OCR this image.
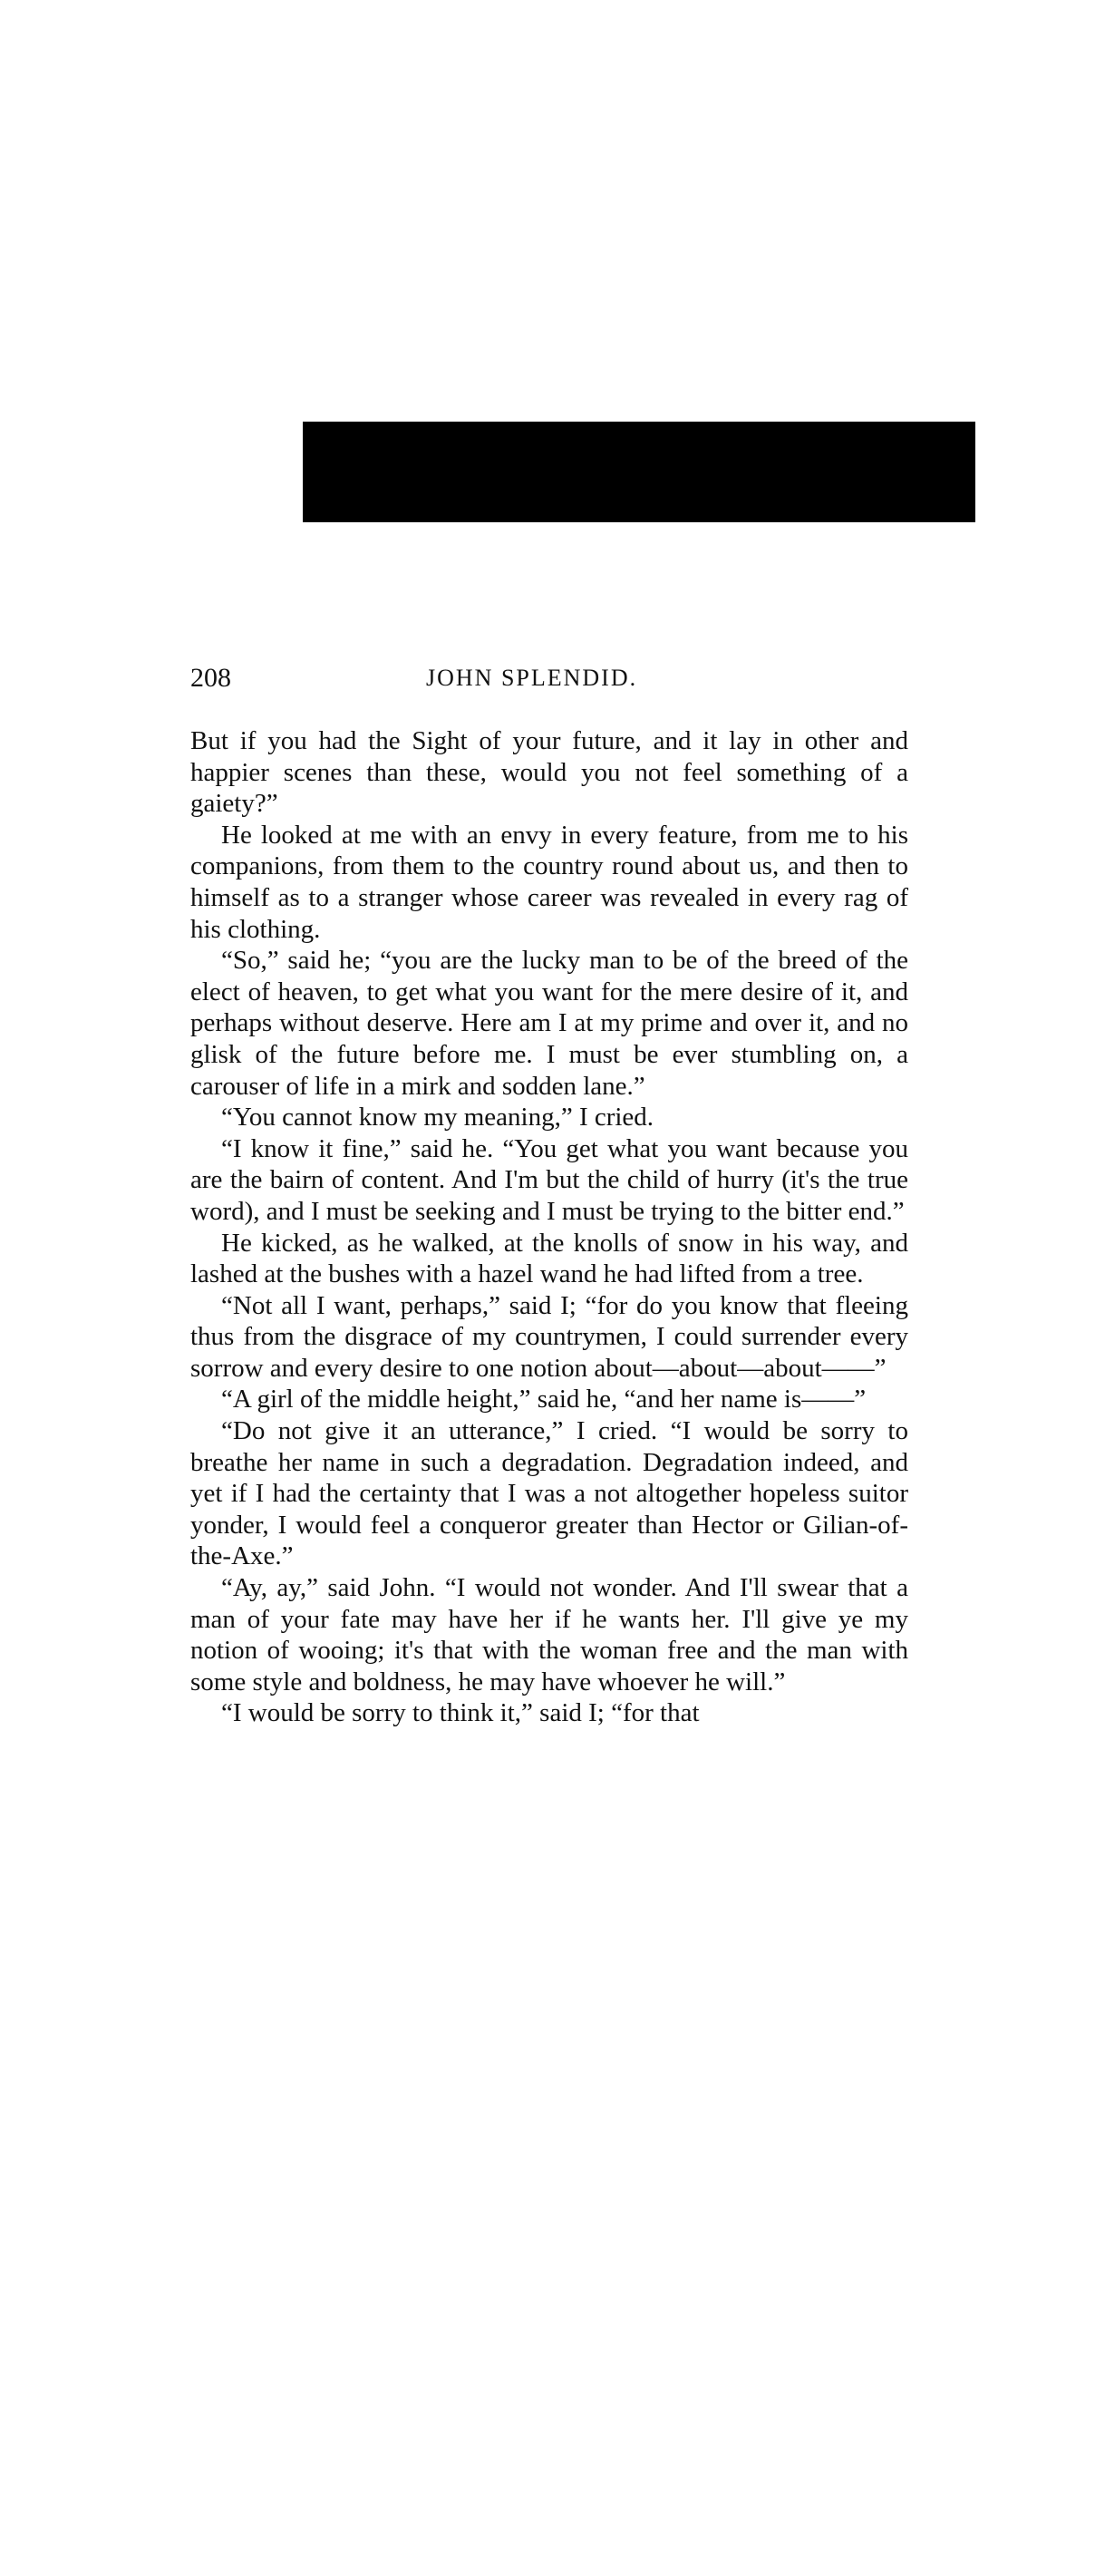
208	JOHN SPLENDID.

But if you had the Sight of your future, and it lay in other and happier scenes than these, would you not feel something of a gaiety?”

He looked at me with an envy in every feature, from me to his companions, from them to the country round about us, and then to himself as to a stranger whose career was revealed in every rag of his clothing.

“So,” said he; “you are the lucky man to be of the breed of the elect of heaven, to get what you want for the mere desire of it, and perhaps without deserve. Here am I at my prime and over it, and no glisk of the future before me. I must be ever stumbling on, a carouser of life in a mirk and sodden lane.”

“You cannot know my meaning,” I cried.

“I know it fine,” said he. “You get what you want because you are the bairn of content. And I'm but the child of hurry (it's the true word), and I must be seeking and I must be trying to the bitter end.”

He kicked, as he walked, at the knolls of snow in his way, and lashed at the bushes with a hazel wand he had lifted from a tree.

“Not all I want, perhaps,” said I; “for do you know that fleeing thus from the disgrace of my countrymen, I could surrender every sorrow and every desire to one notion about—about—about——”

“A girl of the middle height,” said he, “and her name is——”

“Do not give it an utterance,” I cried. “I would be sorry to breathe her name in such a degradation. Degradation indeed, and yet if I had the certainty that I was a not altogether hopeless suitor yonder, I would feel a conqueror greater than Hector or Gilian-of-the-Axe.”

“Ay, ay,” said John. “I would not wonder. And I'll swear that a man of your fate may have her if he wants her. I'll give ye my notion of wooing; it's that with the woman free and the man with some style and boldness, he may have whoever he will.”

“I would be sorry to think it,” said I; “for that
